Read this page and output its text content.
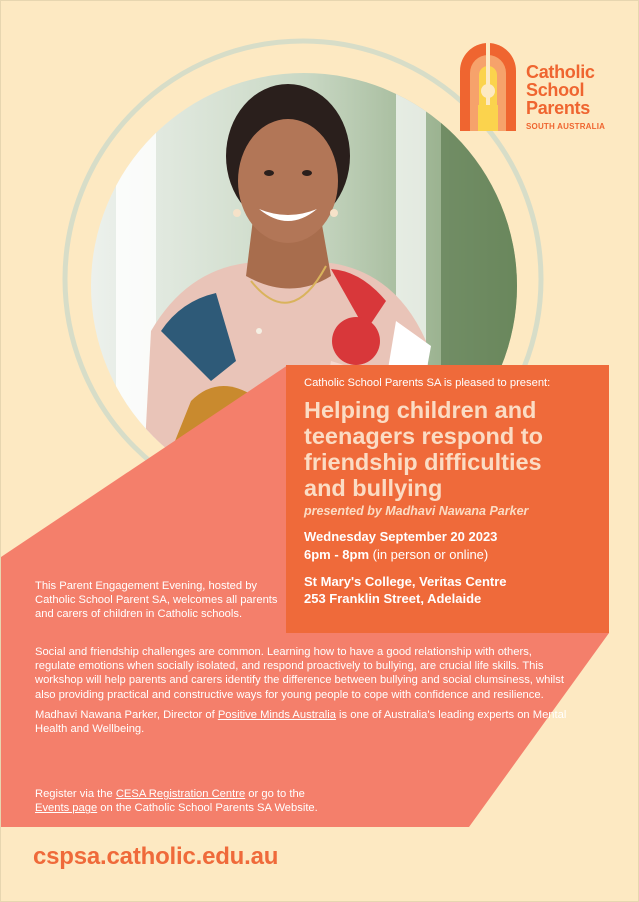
Catholic
School
Parents
SOUTH AUSTRALIA
Catholic School Parents SA is pleased to present:
Helping children and
teenagers respond to
friendship difficulties
and bullying
presented by Madhavi Nawana Parker
Wednesday September 20 2023
6pm - 8pm (in person or online)
St Mary's College, Veritas Centre
253 Franklin Street, Adelaide
This Parent Engagement Evening, hosted by Catholic School Parent SA, welcomes all parents and carers of children in Catholic schools.

Social and friendship challenges are common. Learning how to have a good relationship with others, regulate emotions when socially isolated, and respond proactively to bullying, are crucial life skills. This workshop will help parents and carers identify the difference between bullying and social clumsiness, whilst also providing practical and constructive ways for young people to cope with confidence and resilience.

Madhavi Nawana Parker, Director of Positive Minds Australia is one of Australia's leading experts on Mental Health and Wellbeing.

Register via the CESA Registration Centre or go to the
Events page on the Catholic School Parents SA Website.
cspsa.catholic.edu.au
